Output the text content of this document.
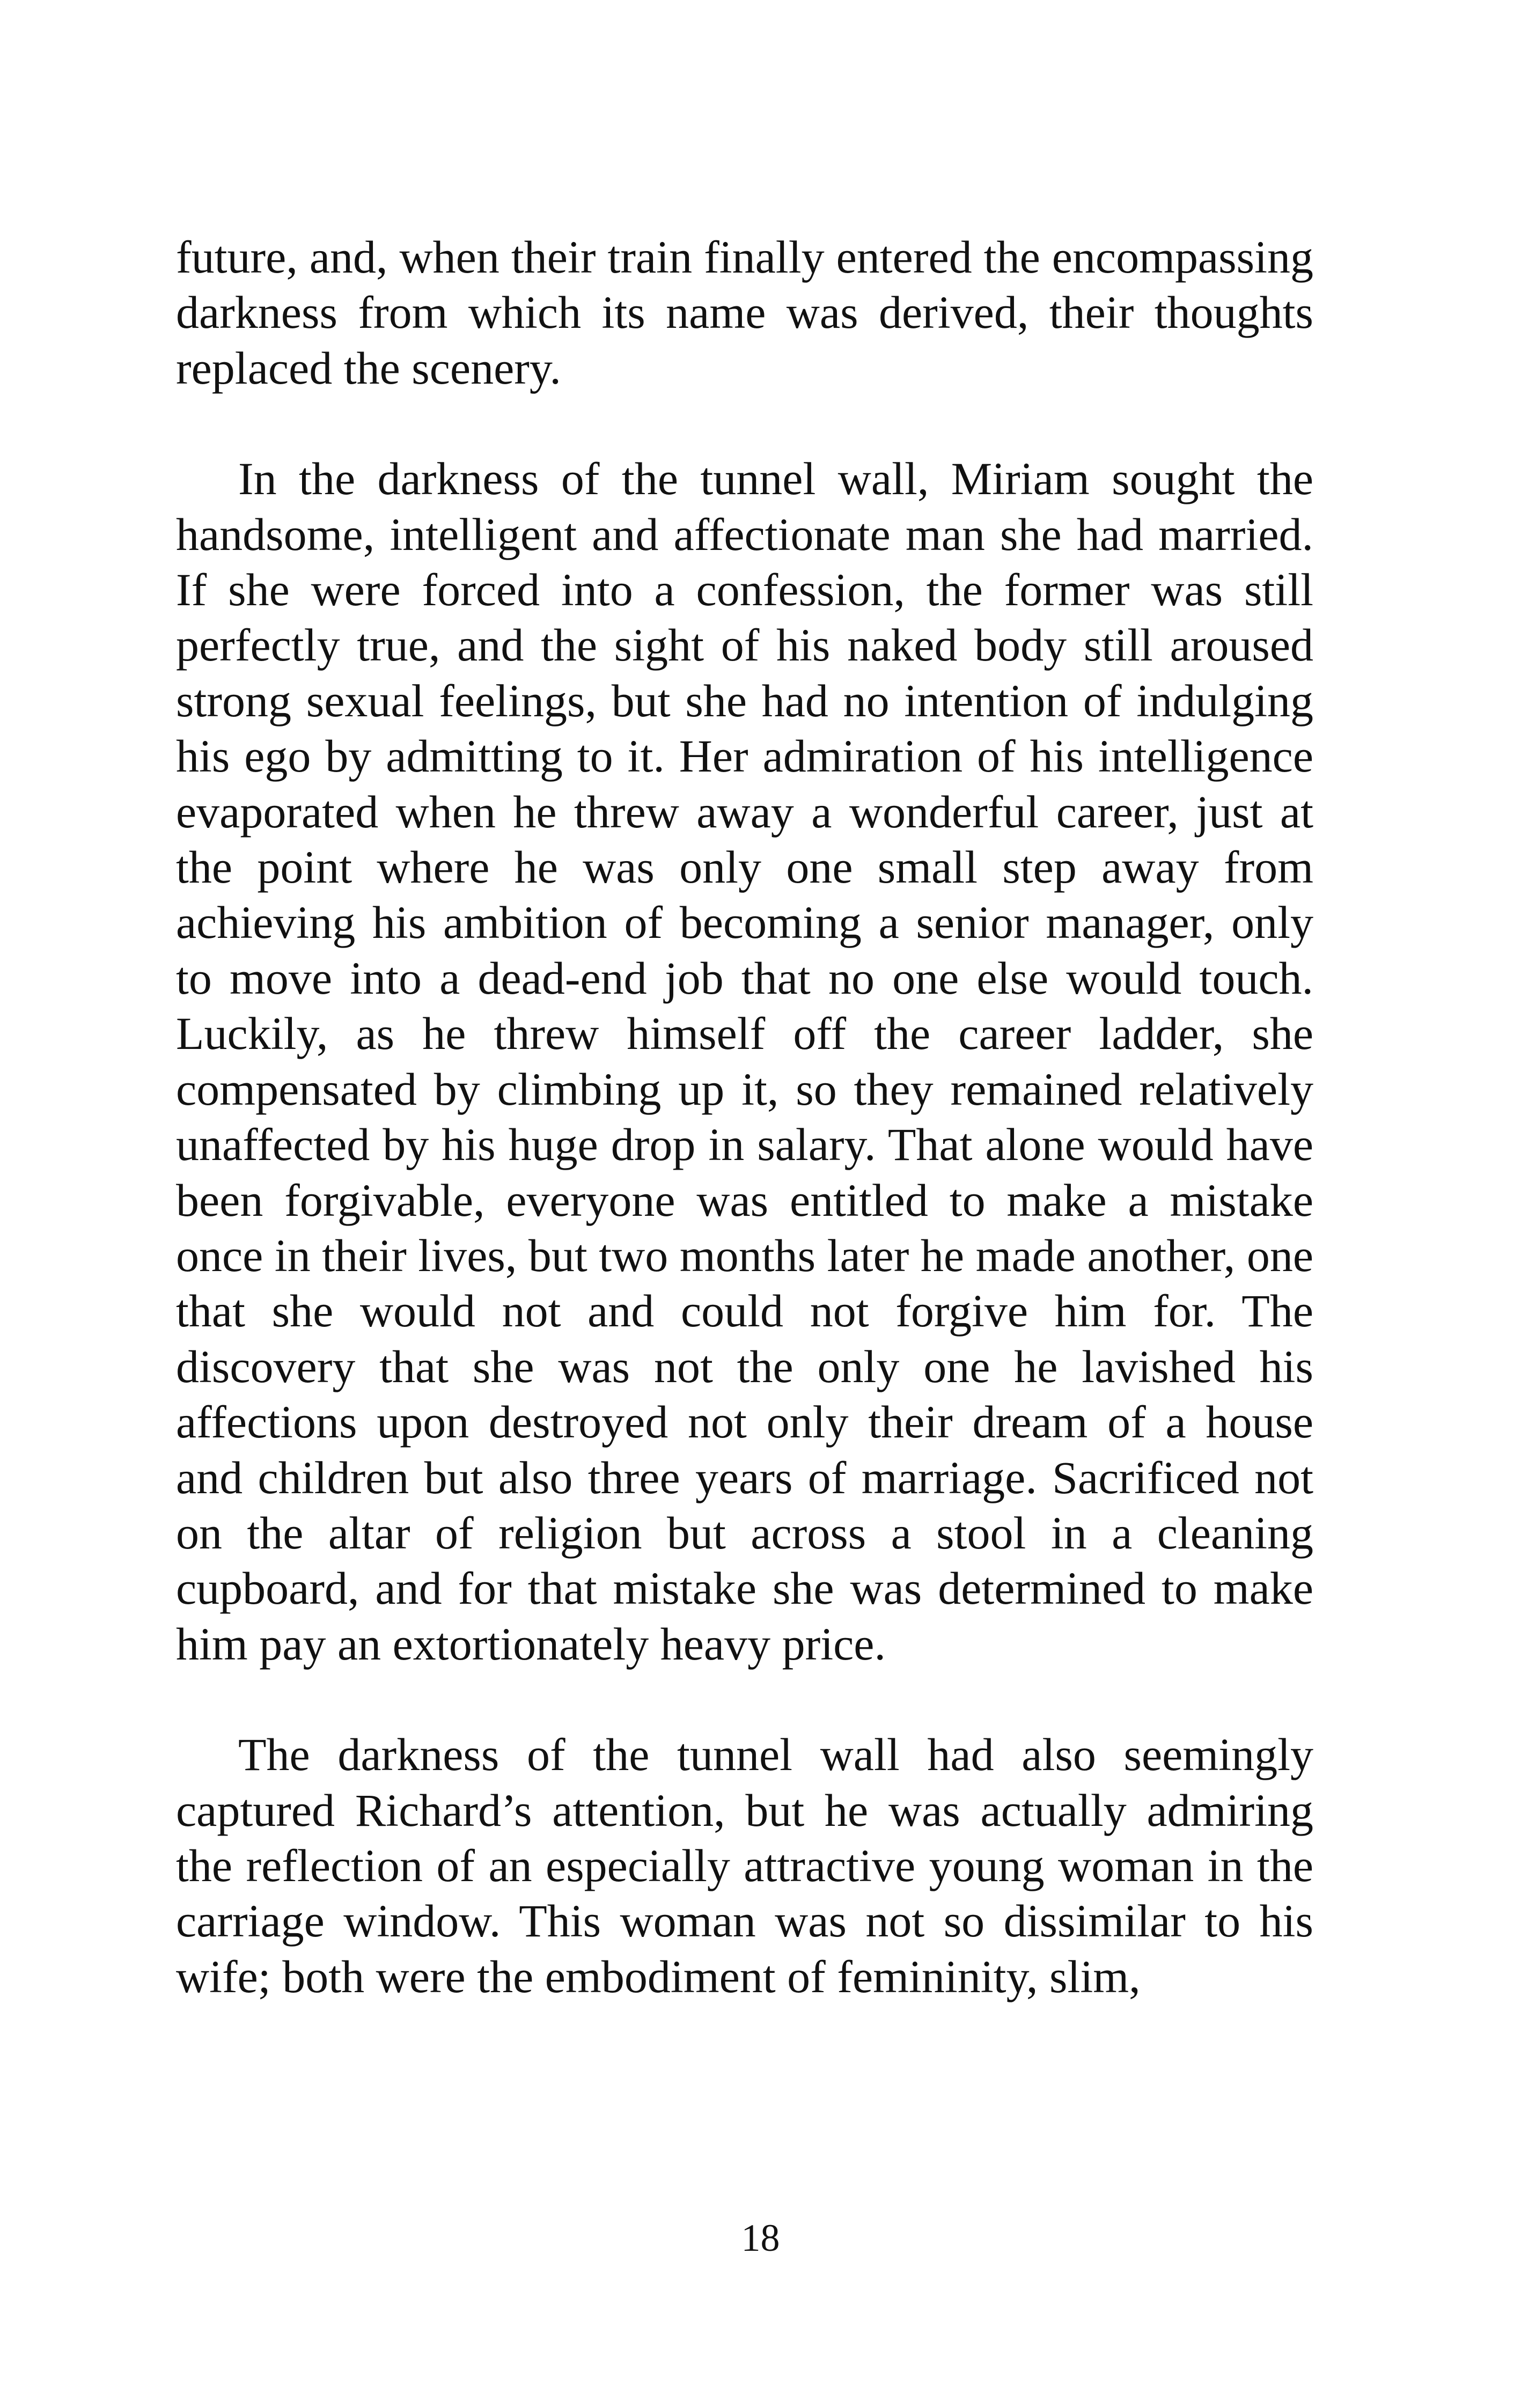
future, and, when their train finally entered the encompassing darkness from which its name was derived, their thoughts replaced the scenery.

In the darkness of the tunnel wall, Miriam sought the handsome, intelligent and affectionate man she had married. If she were forced into a confession, the former was still perfectly true, and the sight of his naked body still aroused strong sexual feelings, but she had no intention of indulging his ego by admitting to it. Her admiration of his intelligence evaporated when he threw away a wonderful career, just at the point where he was only one small step away from achieving his ambition of becoming a senior manager, only to move into a dead-end job that no one else would touch. Luckily, as he threw himself off the career ladder, she compensated by climbing up it, so they remained relatively unaffected by his huge drop in salary. That alone would have been forgivable, everyone was entitled to make a mistake once in their lives, but two months later he made another, one that she would not and could not forgive him for. The discovery that she was not the only one he lavished his affections upon destroyed not only their dream of a house and children but also three years of marriage. Sacrificed not on the altar of religion but across a stool in a cleaning cupboard, and for that mistake she was determined to make him pay an extortionately heavy price.

The darkness of the tunnel wall had also seemingly captured Richard’s attention, but he was actually admiring the reflection of an especially attractive young woman in the carriage window. This woman was not so dissimilar to his wife; both were the embodiment of femininity, slim,

18
